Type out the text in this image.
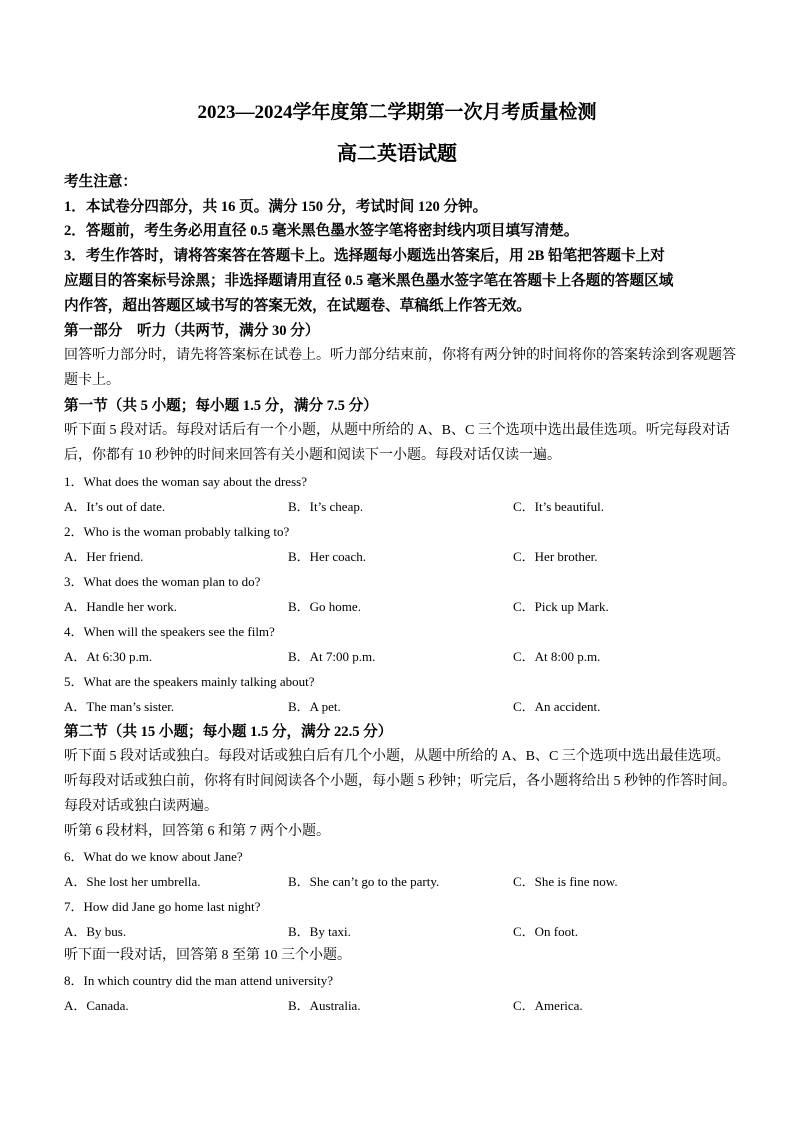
2023—2024学年度第二学期第一次月考质量检测
高二英语试题
考生注意：
1．本试卷分四部分，共 16 页。满分 150 分，考试时间 120 分钟。
2．答题前，考生务必用直径 0.5 毫米黑色墨水签字笔将密封线内项目填写清楚。
3．考生作答时，请将答案答在答题卡上。选择题每小题选出答案后，用 2B 铅笔把答题卡上对
应题目的答案标号涂黑；非选择题请用直径 0.5 毫米黑色墨水签字笔在答题卡上各题的答题区域
内作答，超出答题区域书写的答案无效，在试题卷、草稿纸上作答无效。
第一部分　听力（共两节，满分 30 分）
回答听力部分时，请先将答案标在试卷上。听力部分结束前，你将有两分钟的时间将你的答案转涂到客观题答
题卡上。
第一节（共 5 小题；每小题 1.5 分，满分 7.5 分）
听下面 5 段对话。每段对话后有一个小题，从题中所给的 A、B、C 三个选项中选出最佳选项。听完每段对话
后，你都有 10 秒钟的时间来回答有关小题和阅读下一小题。每段对话仅读一遍。
1．What does the woman say about the dress?
A．It’s out of date.	B．It’s cheap.	C．It’s beautiful.
2．Who is the woman probably talking to?
A．Her friend.	B．Her coach.	C．Her brother.
3．What does the woman plan to do?
A．Handle her work.	B．Go home.	C．Pick up Mark.
4．When will the speakers see the film?
A．At 6:30 p.m.	B．At 7:00 p.m.	C．At 8:00 p.m.
5．What are the speakers mainly talking about?
A．The man’s sister.	B．A pet.	C．An accident.
第二节（共 15 小题；每小题 1.5 分，满分 22.5 分）
听下面 5 段对话或独白。每段对话或独白后有几个小题，从题中所给的 A、B、C 三个选项中选出最佳选项。
听每段对话或独白前，你将有时间阅读各个小题，每小题 5 秒钟；听完后，各小题将给出 5 秒钟的作答时间。
每段对话或独白读两遍。
听第 6 段材料，回答第 6 和第 7 两个小题。
6．What do we know about Jane?
A．She lost her umbrella.	B．She can’t go to the party.	C．She is fine now.
7．How did Jane go home last night?
A．By bus.	B．By taxi.	C．On foot.
听下面一段对话，回答第 8 至第 10 三个小题。
8．In which country did the man attend university?
A．Canada.	B．Australia.	C．America.
